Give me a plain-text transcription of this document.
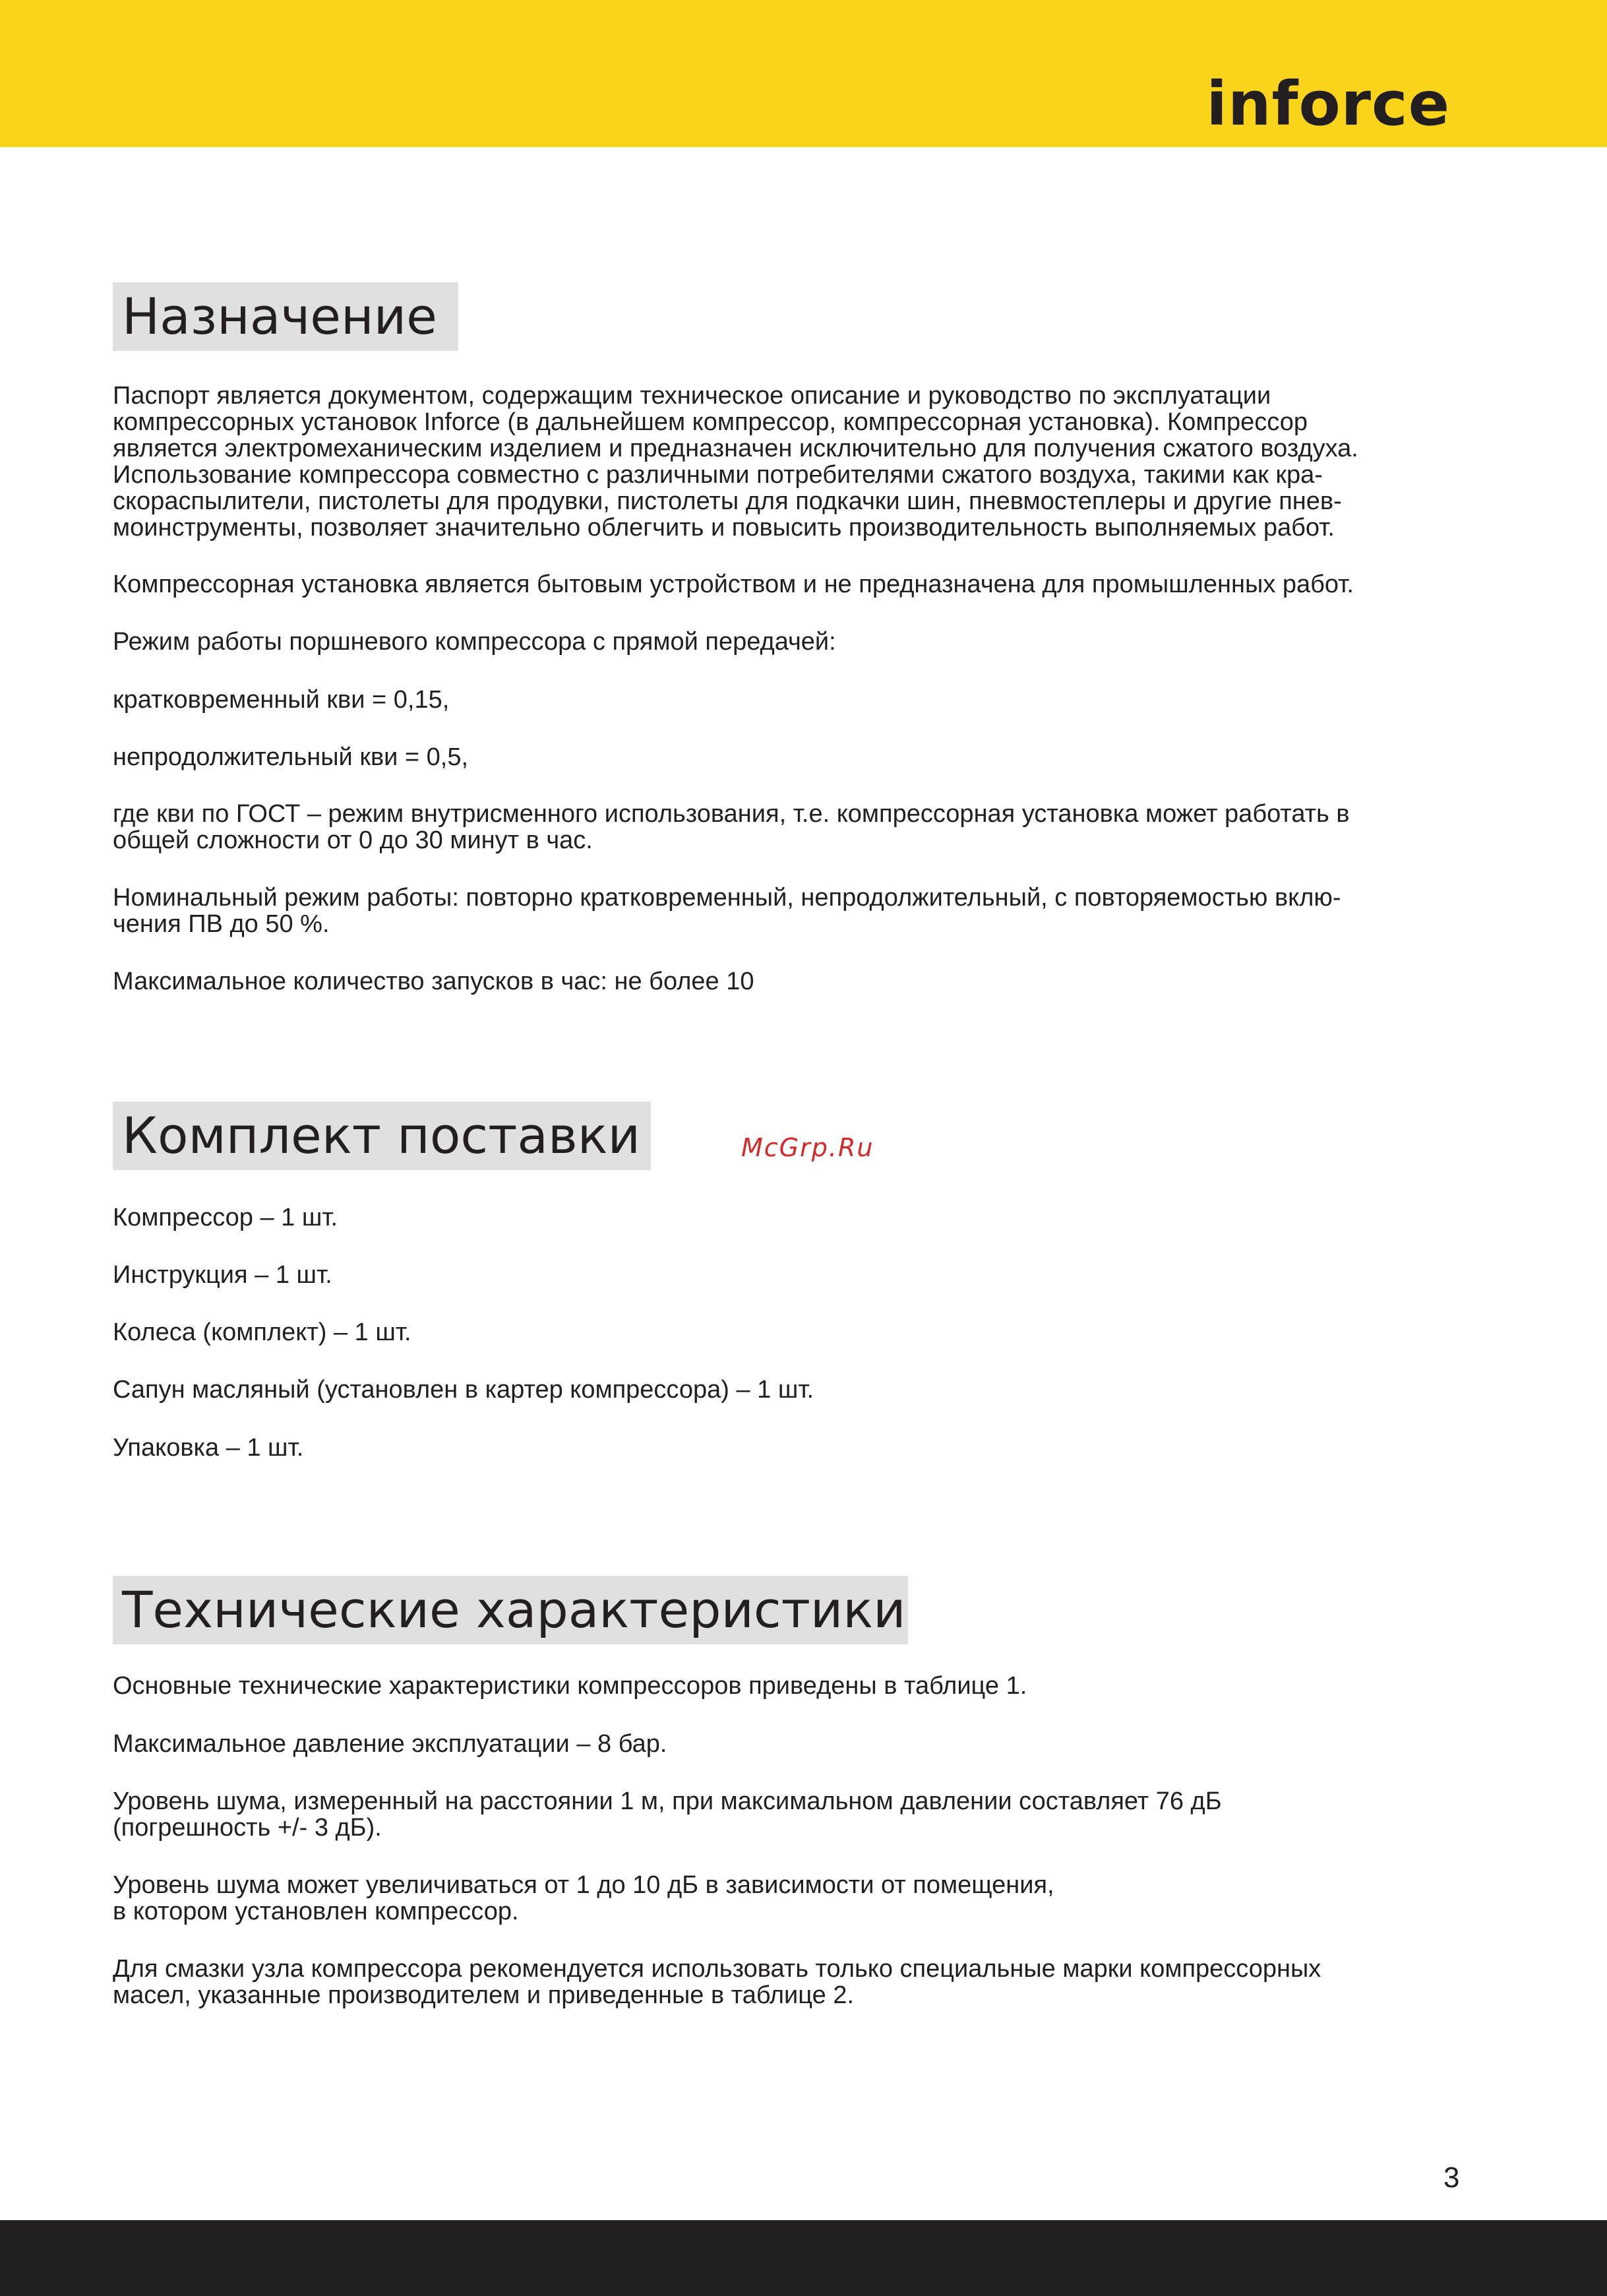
inforce
Назначение
Паспорт является документом, содержащим техническое описание и руководство по эксплуатации
компрессорных установок Inforce (в дальнейшем компрессор, компрессорная установка). Компрессор
является электромеханическим изделием и предназначен исключительно для получения сжатого воздуха.
Использование компрессора совместно с различными потребителями сжатого воздуха, такими как кра-
скораспылители, пистолеты для продувки, пистолеты для подкачки шин, пневмостеплеры и другие пнев-
моинструменты, позволяет значительно облегчить и повысить производительность выполняемых работ.
Компрессорная установка является бытовым устройством и не предназначена для промышленных работ.
Режим работы поршневого компрессора с прямой передачей:
кратковременный кви = 0,15,
непродолжительный кви = 0,5,
где кви по ГОСТ – режим внутрисменного использования, т.е. компрессорная установка может работать в
общей сложности от 0 до 30 минут в час.
Номинальный режим работы: повторно кратковременный, непродолжительный, с повторяемостью вклю-
чения ПВ до 50 %.
Максимальное количество запусков в час: не более 10
Комплект поставки	McGrp.Ru
Компрессор – 1 шт.
Инструкция – 1 шт.
Колеса (комплект) – 1 шт.
Сапун масляный (установлен в картер компрессора) – 1 шт.
Упаковка – 1 шт.
Технические характеристики
Основные технические характеристики компрессоров приведены в таблице 1.
Максимальное давление эксплуатации – 8 бар.
Уровень шума, измеренный на расстоянии 1 м, при максимальном давлении составляет 76 дБ
(погрешность +/- 3 дБ).
Уровень шума может увеличиваться от 1 до 10 дБ в зависимости от помещения,
в котором установлен компрессор.
Для смазки узла компрессора рекомендуется использовать только специальные марки компрессорных
масел, указанные производителем и приведенные в таблице 2.
3
